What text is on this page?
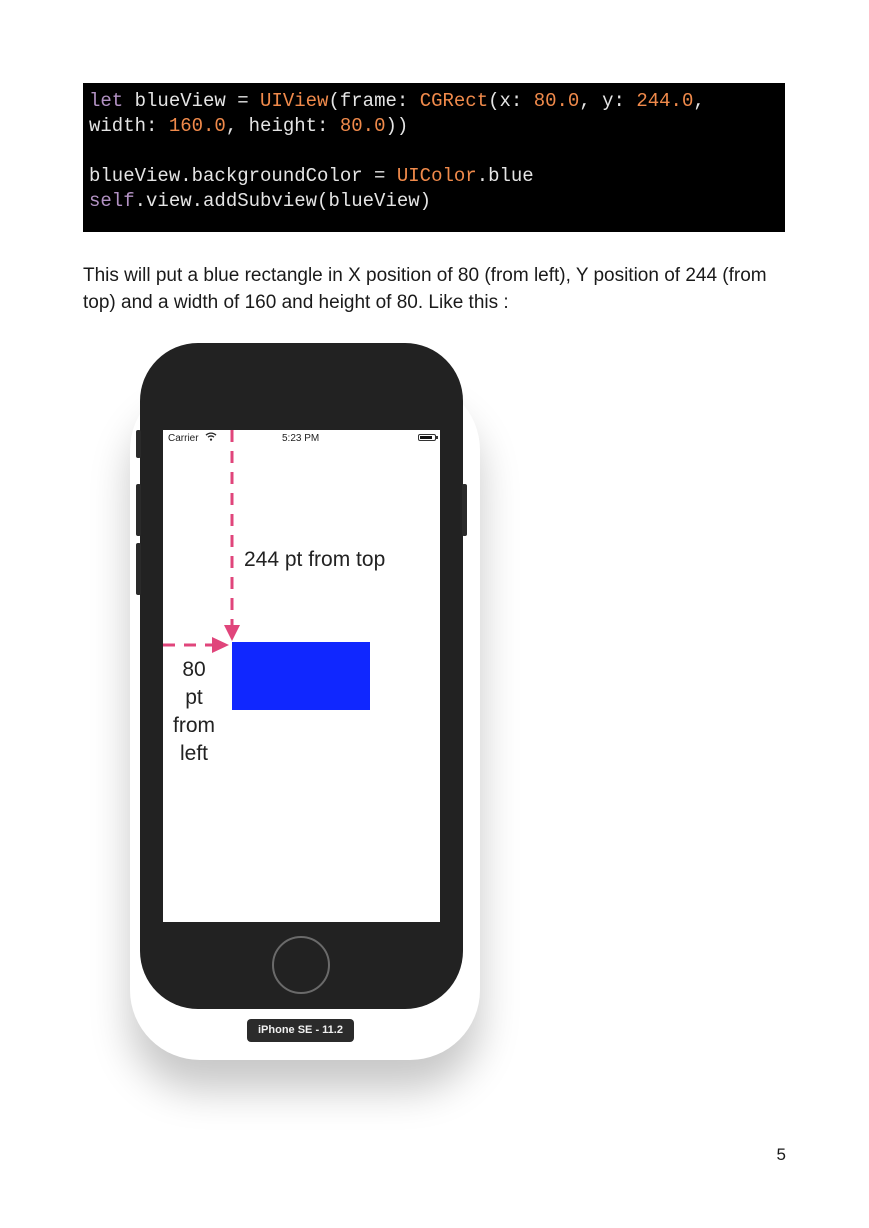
let blueView = UIView(frame: CGRect(x: 80.0, y: 244.0,
width: 160.0, height: 80.0))

blueView.backgroundColor = UIColor.blue
self.view.addSubview(blueView)

This will put a blue rectangle in X position of 80 (from left), Y position of 244 (from top) and a width of 160 and height of 80. Like this :

Carrier	5:23 PM
244 pt from top
80
pt
from
left
iPhone SE - 11.2
5
